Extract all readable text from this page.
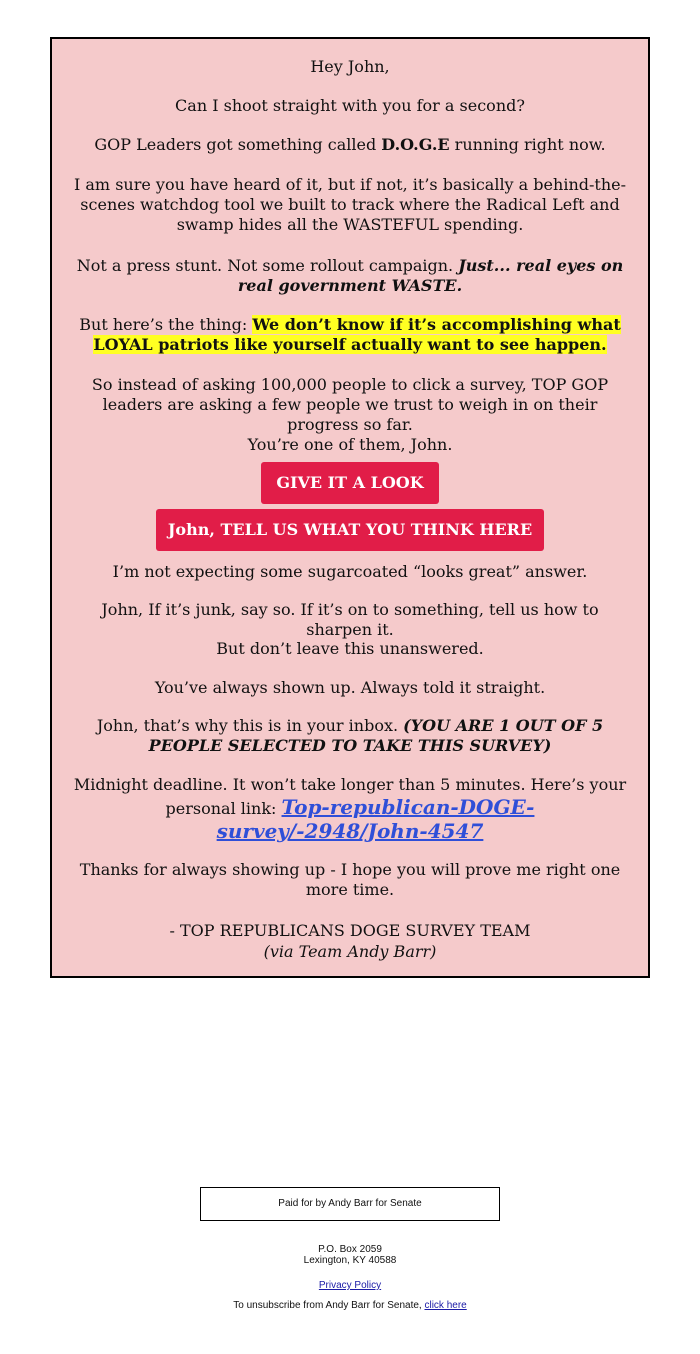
Hey John,

Can I shoot straight with you for a second?

GOP Leaders got something called D.O.G.E running right now.

I am sure you have heard of it, but if not, it’s basically a behind-the-scenes watchdog tool we built to track where the Radical Left and swamp hides all the WASTEFUL spending.

Not a press stunt. Not some rollout campaign. Just... real eyes on real government WASTE.

But here’s the thing: We don’t know if it’s accomplishing what LOYAL patriots like yourself actually want to see happen.

So instead of asking 100,000 people to click a survey, TOP GOP leaders are asking a few people we trust to weigh in on their progress so far.

You’re one of them, John.

GIVE IT A LOOK
John, TELL US WHAT YOU THINK HERE

I’m not expecting some sugarcoated “looks great” answer.

John, If it’s junk, say so. If it’s on to something, tell us how to sharpen it.

But don’t leave this unanswered.

You’ve always shown up. Always told it straight.

John, that’s why this is in your inbox. (YOU ARE 1 OUT OF 5 PEOPLE SELECTED TO TAKE THIS SURVEY)

Midnight deadline. It won’t take longer than 5 minutes. Here’s your personal link: Top-republican-DOGE-survey/-2948/John-4547

Thanks for always showing up - I hope you will prove me right one more time.

- TOP REPUBLICANS DOGE SURVEY TEAM

(via Team Andy Barr)

Paid for by Andy Barr for Senate
P.O. Box 2059
Lexington, KY 40588
Privacy Policy
To unsubscribe from Andy Barr for Senate, click here
